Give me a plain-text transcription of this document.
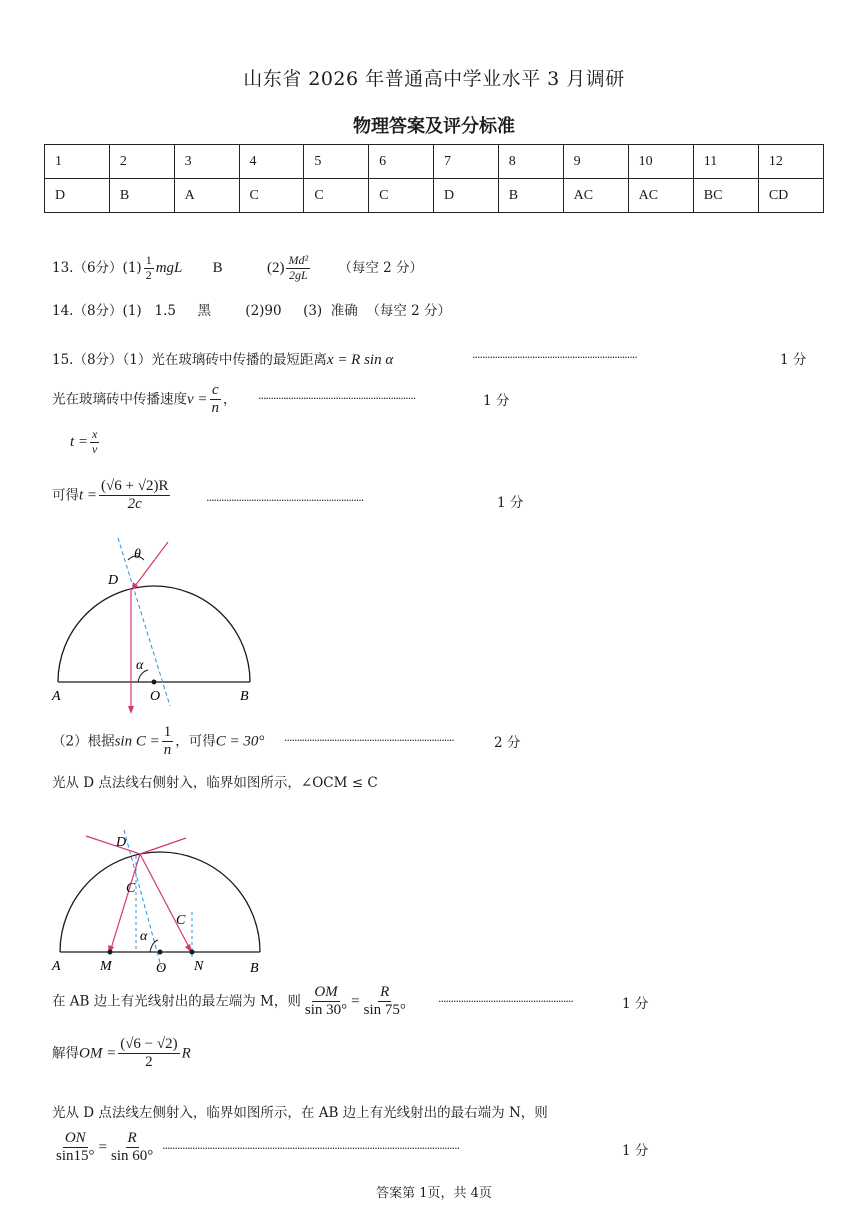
山东省 2026 年普通高中学业水平 3 月调研
物理答案及评分标准
1	2	3	4	5	6	7	8	9	10	11	12
D	B	A	C	C	C	D	B	AC	AC	BC	CD
13.（6分）$(1) \frac{1}{2}$ mgL B	$(2) \frac{\text{Md²}}{2gL}$ （每空 2 分）
14.（8分）(1)   1.5     黑        (2)90     (3)  准确  （每空 2 分）
15.（8分）（1）光在玻璃砖中传播的最短距离x = R sin α	··································································	1 分
光在玻璃砖中传播速度$v = \frac{c}{n}$ ， ·······························································	1 分
$t = \frac{x}{v}$
可得$t = \frac{(√6 + √2)R}{2c}$	·······························································	1 分
θ
D
α
A	O	B
（2）根据$\sin C = \frac{1}{n}$ ，可得C = 30° ····································································	2 分
光从 D 点法线右侧射入，临界如图所示，∠OCM ≤ C
D
C
C
α
A	M	O N	B
在 AB 边上有光线射出的最左端为 M，则 $\frac{OM}{\sin 30^\circ} = \frac{R}{\sin 75^\circ}$	······················································	1 分
解得OM = $\frac{(√6 - √2)}{2}$ R
光从 D 点法线左侧射入，临界如图所示，在 AB 边上有光线射出的最右端为 N，则
$\frac{ON}{\sin 15^\circ} = \frac{R}{\sin 60^\circ}$ ·······················································································································	1 分
答案第 1页，共 4页
